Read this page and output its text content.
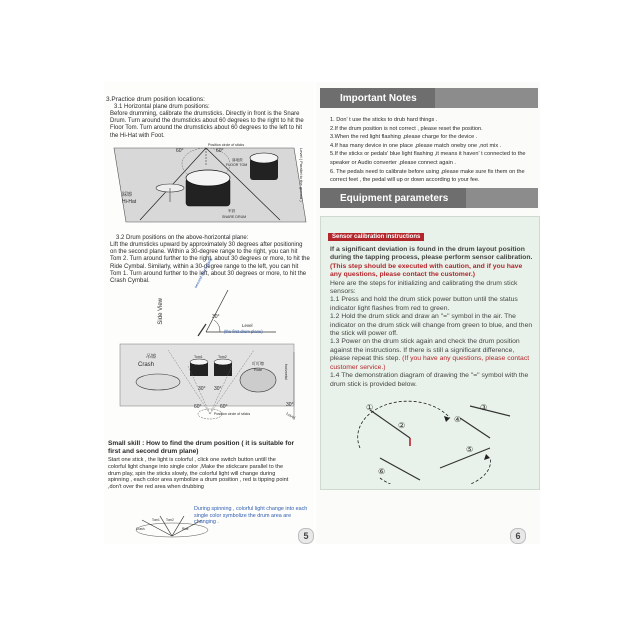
3.Practice drum position locations:
3.1 Horizontal plane drum positions:
Before drumming, calibrate the drumsticks. Directly in front is the Snare Drum. Turn around the drumsticks about 60 degrees to the right to hit the Floor Tom. Turn around the drumsticks about 60 degrees to the left to hit the Hi-Hat with Foot.
60°	60°
Position circle of sticks
落地鼓
FLOOR TOM
踩镲
Hi-Hat
军鼓
SNARE DRUM
Level ( Parallel to the ground )
3.2 Drum positions on the above-horizontal plane:
Lift the drumsticks upward by approximately 30 degrees after positioning on the second plane. Within a 30-degree range to the right, you can hit Tom 2. Turn around further to the right, about 30 degrees or more, to hit the Ride Cymbal. Similarly, within a 30-degree range to the left, you can hit Tom 1. Turn around further to the left, about 30 degrees or more, to hit the Crash Cymbal.
Side View
second drum plane
30°
Level
(the first drum plane)
吊镲
Crash	叮叮镲
Ride
Tom1	Tom2
30° 30°
60°	60°	30°
horizontal
Position circle of sticks	Level
Small skill : How to find the drum position ( it is suitable for first and second drum plane)
Start one stick , the light is colorful , click one switch button untill the colorful light change into single color ,Make the stickcare parallel to the drum play, spin the sticks slowly, the colorful light will change during spinning , each color area symbolize a drum position , red is tipping point ,don't over the red area when drubbing
Crash
Tom1 Tom2
Ride
During spinning , colorful light change into each single color symbolize the drum area are changing .
5
Important Notes
1. Don' t use the sticks to drub hard things .
2.If the drum position is not correct , please reset the position.
3.When the red light flashing ,please charge for the device .
4.If has many device in one place ,please match oneby one ,not mix .
5.If the sticks or pedals' blue light flashing ,it means it haven' t connected to the speaker or Audio converter ,please connect again .
6. The pedals need to calibrate before using ,please make sure fix them on the correct feet , the pedal will up or down according to your fee.
Equipment parameters
Sensor calibration instructions
If a significant deviation is found in the drum layout position during the tapping process, please perform sensor calibration. (This step should be executed with caution, and if you have any questions, please contact the customer.)
Here are the steps for initializing and calibrating the drum stick sensors:
1.1 Press and hold the drum stick power button until the status indicator light flashes from red to green.
1.2 Hold the drum stick and draw an "=" symbol in the air. The indicator on the drum stick will change from green to blue, and then the stick will power off.
1.3 Power on the drum stick again and check the drum position against the instructions. If there is still a significant difference, please repeat this step. (If you have any questions, please contact customer service.)
1.4 The demonstration diagram of drawing the "=" symbol with the drum stick is provided below.
①
②
③
④
⑤
⑥
6
